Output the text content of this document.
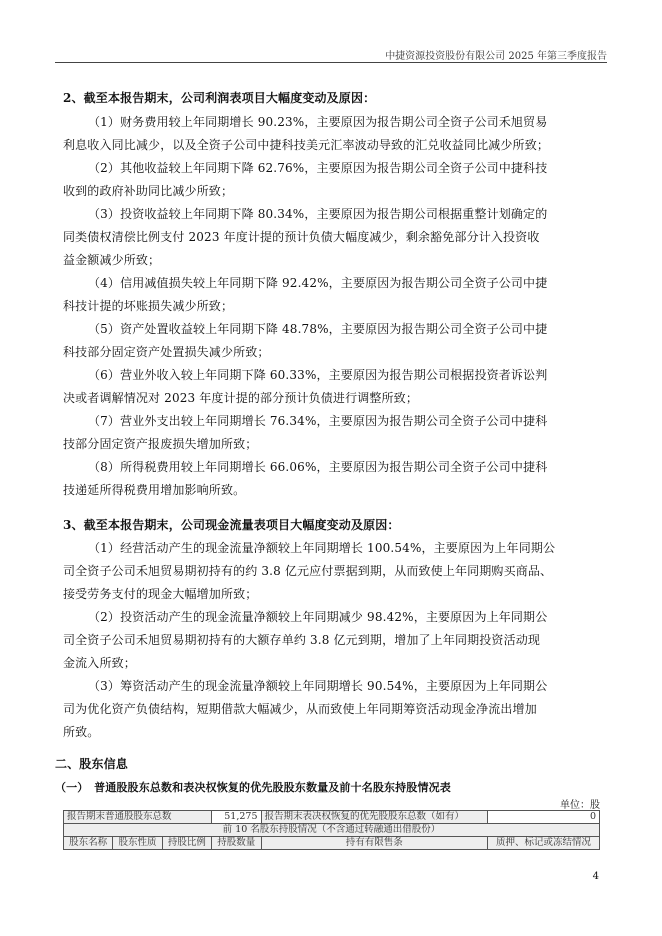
中捷资源投资股份有限公司 2025 年第三季度报告
2、截至本报告期末，公司利润表项目大幅度变动及原因：
（1）财务费用较上年同期增长 90.23%，主要原因为报告期公司全资子公司禾旭贸易
利息收入同比减少，以及全资子公司中捷科技美元汇率波动导致的汇兑收益同比减少所致；
（2）其他收益较上年同期下降 62.76%，主要原因为报告期公司全资子公司中捷科技
收到的政府补助同比减少所致；
（3）投资收益较上年同期下降 80.34%，主要原因为报告期公司根据重整计划确定的
同类债权清偿比例支付 2023 年度计提的预计负债大幅度减少，剩余豁免部分计入投资收
益金额减少所致；
（4）信用减值损失较上年同期下降 92.42%，主要原因为报告期公司全资子公司中捷
科技计提的坏账损失减少所致；
（5）资产处置收益较上年同期下降 48.78%，主要原因为报告期公司全资子公司中捷
科技部分固定资产处置损失减少所致；
（6）营业外收入较上年同期下降 60.33%，主要原因为报告期公司根据投资者诉讼判
决或者调解情况对 2023 年度计提的部分预计负债进行调整所致；
（7）营业外支出较上年同期增长 76.34%，主要原因为报告期公司全资子公司中捷科
技部分固定资产报废损失增加所致；
（8）所得税费用较上年同期增长 66.06%，主要原因为报告期公司全资子公司中捷科
技递延所得税费用增加影响所致。
3、截至本报告期末，公司现金流量表项目大幅度变动及原因：
（1）经营活动产生的现金流量净额较上年同期增长 100.54%，主要原因为上年同期公
司全资子公司禾旭贸易期初持有的约 3.8 亿元应付票据到期，从而致使上年同期购买商品、
接受劳务支付的现金大幅增加所致；
（2）投资活动产生的现金流量净额较上年同期减少 98.42%，主要原因为上年同期公
司全资子公司禾旭贸易期初持有的大额存单约 3.8 亿元到期，增加了上年同期投资活动现
金流入所致；
（3）筹资活动产生的现金流量净额较上年同期增长 90.54%，主要原因为上年同期公
司为优化资产负债结构，短期借款大幅减少，从而致使上年同期筹资活动现金净流出增加
所致。
二、股东信息
（一）　普通股股东总数和表决权恢复的优先股股东数量及前十名股东持股情况表
单位：股
报告期末普通股股东总数			51,275	报告期末表决权恢复的优先股股东总数（如有）	0
前 10 名股东持股情况（不含通过转融通出借股份）					
股东名称	股东性质	持股比例	持股数量	持有有限售条	质押、标记或冻结情况
4
